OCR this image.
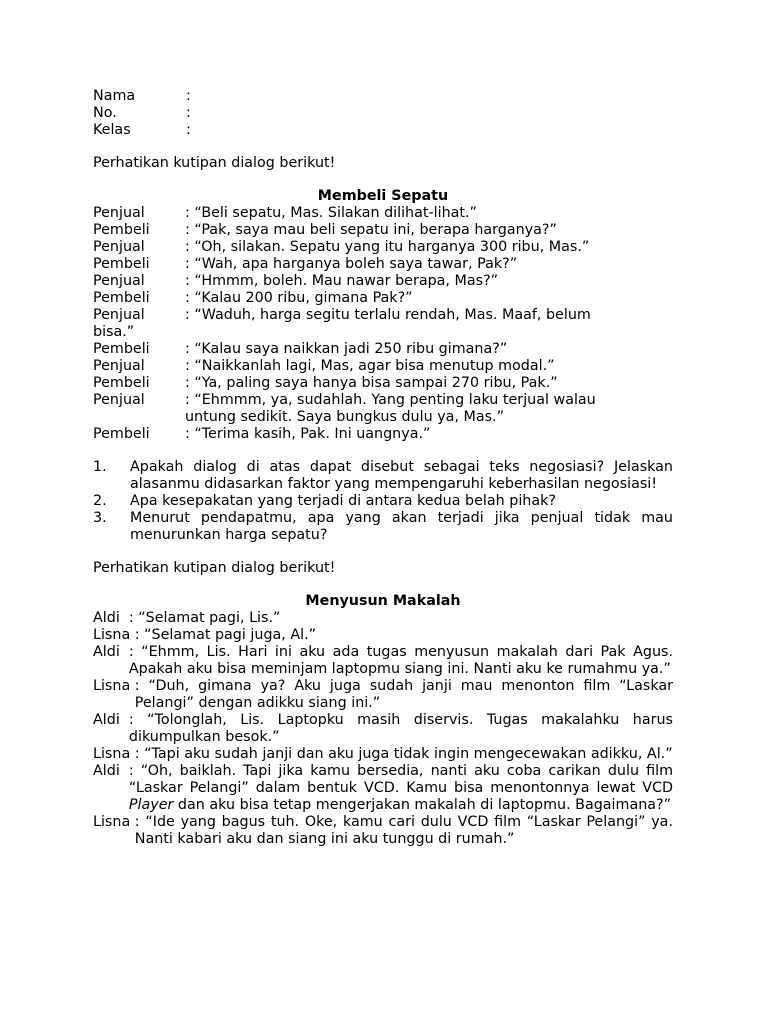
Nama	:
No.	:
Kelas	:
Perhatikan kutipan dialog berikut!
Membeli Sepatu
Penjual	: “Beli sepatu, Mas. Silakan dilihat-lihat.”
Pembeli	: “Pak, saya mau beli sepatu ini, berapa harganya?”
Penjual	: “Oh, silakan. Sepatu yang itu harganya 300 ribu, Mas.”
Pembeli	: “Wah, apa harganya boleh saya tawar, Pak?”
Penjual	: “Hmmm, boleh. Mau nawar berapa, Mas?”
Pembeli	: “Kalau 200 ribu, gimana Pak?”
Penjual	: “Waduh, harga segitu terlalu rendah, Mas. Maaf, belum
bisa.”
Pembeli	: “Kalau saya naikkan jadi 250 ribu gimana?”
Penjual	: “Naikkanlah lagi, Mas, agar bisa menutup modal.”
Pembeli	: “Ya, paling saya hanya bisa sampai 270 ribu, Pak.”
Penjual	: “Ehmmm, ya, sudahlah. Yang penting laku terjual walau
untung sedikit. Saya bungkus dulu ya, Mas.”
Pembeli	: “Terima kasih, Pak. Ini uangnya.”
1.	Apakah dialog di atas dapat disebut sebagai teks negosiasi? Jelaskan alasanmu didasarkan faktor yang mempengaruhi keberhasilan negosiasi!
2.	Apa kesepakatan yang terjadi di antara kedua belah pihak?
3.	Menurut pendapatmu, apa yang akan terjadi jika penjual tidak mau menurunkan harga sepatu?
Perhatikan kutipan dialog berikut!
Menyusun Makalah
Aldi : “Selamat pagi, Lis.”
Lisna : “Selamat pagi juga, Al.”
Aldi : “Ehmm, Lis. Hari ini aku ada tugas menyusun makalah dari Pak Agus. Apakah aku bisa meminjam laptopmu siang ini. Nanti aku ke rumahmu ya.”
Lisna : “Duh, gimana ya? Aku juga sudah janji mau menonton film “Laskar Pelangi” dengan adikku siang ini.”
Aldi : “Tolonglah, Lis. Laptopku masih diservis. Tugas makalahku harus dikumpulkan besok.”
Lisna : “Tapi aku sudah janji dan aku juga tidak ingin mengecewakan adikku, Al.”
Aldi : “Oh, baiklah. Tapi jika kamu bersedia, nanti aku coba carikan dulu film “Laskar Pelangi” dalam bentuk VCD. Kamu bisa menontonnya lewat VCD Player dan aku bisa tetap mengerjakan makalah di laptopmu. Bagaimana?”
Lisna : “Ide yang bagus tuh. Oke, kamu cari dulu VCD film “Laskar Pelangi” ya. Nanti kabari aku dan siang ini aku tunggu di rumah.”
